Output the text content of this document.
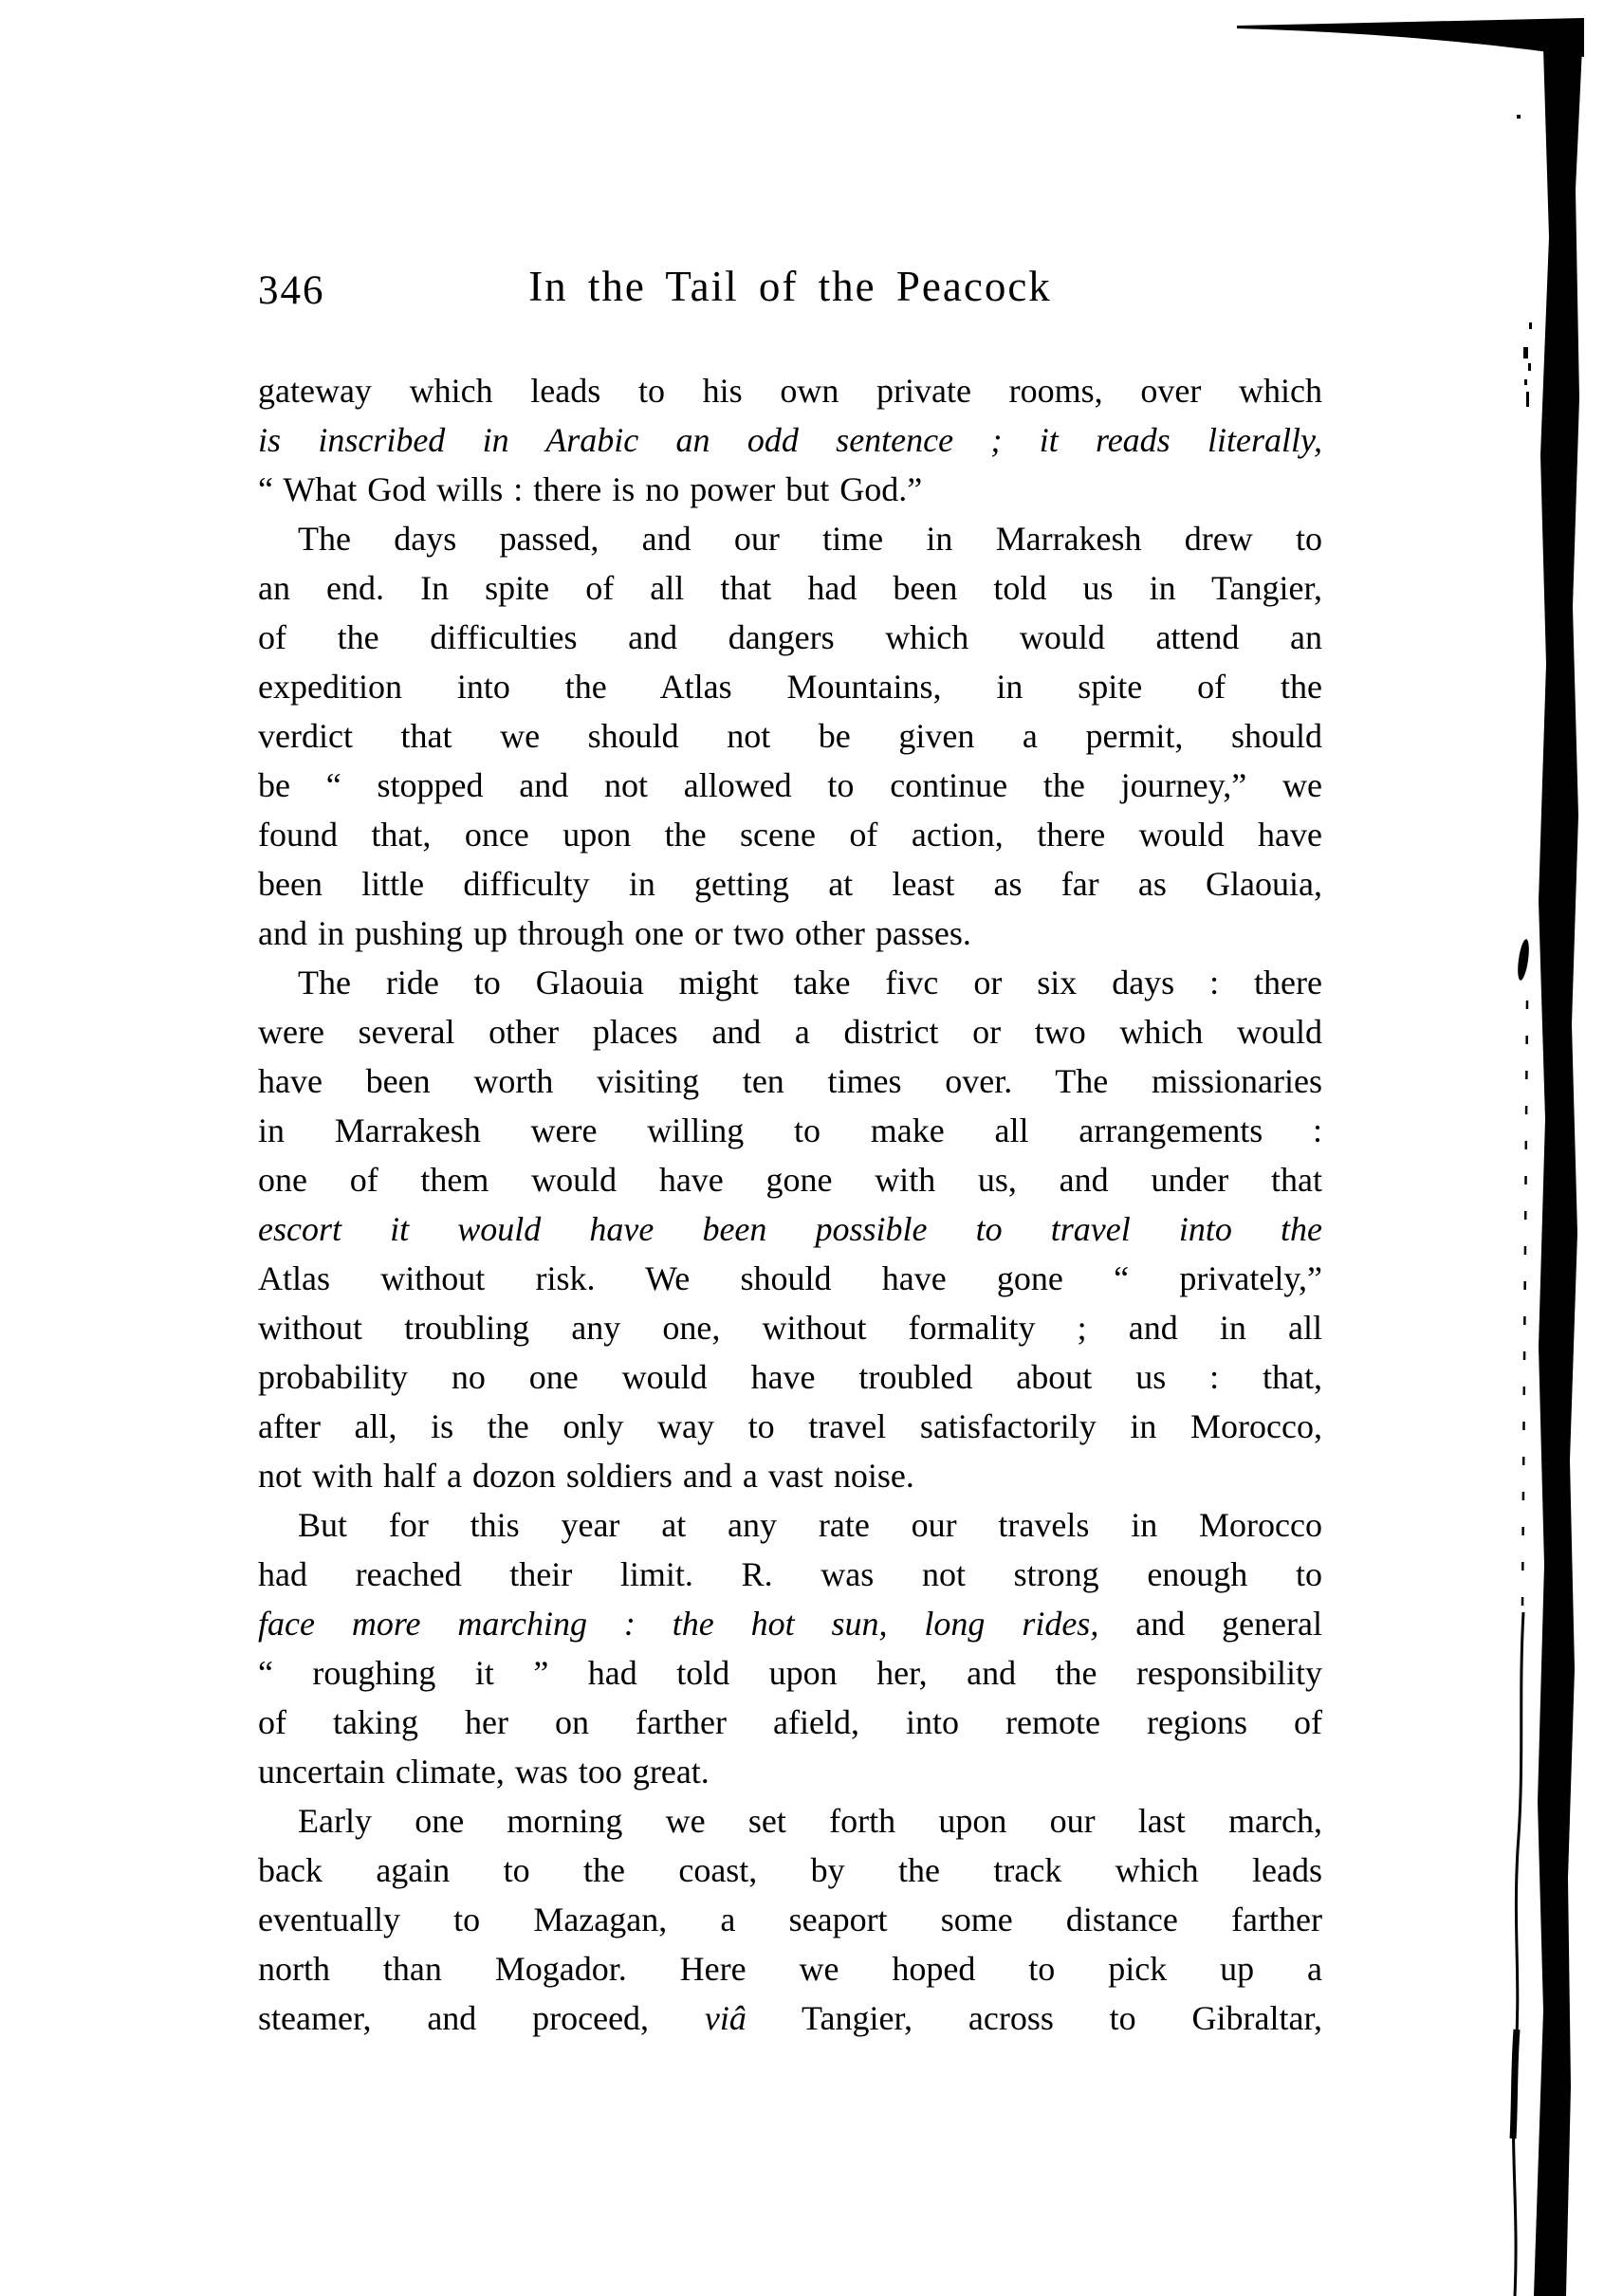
346	In the Tail of the Peacock
gateway which leads to his own private rooms, over which
is inscribed in Arabic an odd sentence ; it reads literally,
“ What God wills : there is no power but God.”
The days passed, and our time in Marrakesh drew to
an end. In spite of all that had been told us in Tangier,
of the difficulties and dangers which would attend an
expedition into the Atlas Mountains, in spite of the
verdict that we should not be given a permit, should
be “ stopped and not allowed to continue the journey,” we
found that, once upon the scene of action, there would have
been little difficulty in getting at least as far as Glaouia,
and in pushing up through one or two other passes.
The ride to Glaouia might take fivc or six days : there
were several other places and a district or two which would
have been worth visiting ten times over. The missionaries
in Marrakesh were willing to make all arrangements :
one of them would have gone with us, and under that
escort it would have been possible to travel into the
Atlas without risk. We should have gone “ privately,”
without troubling any one, without formality ; and in all
probability no one would have troubled about us : that,
after all, is the only way to travel satisfactorily in Morocco,
not with half a dozon soldiers and a vast noise.
But for this year at any rate our travels in Morocco
had reached their limit. R. was not strong enough to
face more marching : the hot sun, long rides, and general
“ roughing it ” had told upon her, and the responsibility
of taking her on farther afield, into remote regions of
uncertain climate, was too great.
Early one morning we set forth upon our last march,
back again to the coast, by the track which leads
eventually to Mazagan, a seaport some distance farther
north than Mogador. Here we hoped to pick up a
steamer, and proceed, viâ Tangier, across to Gibraltar,
